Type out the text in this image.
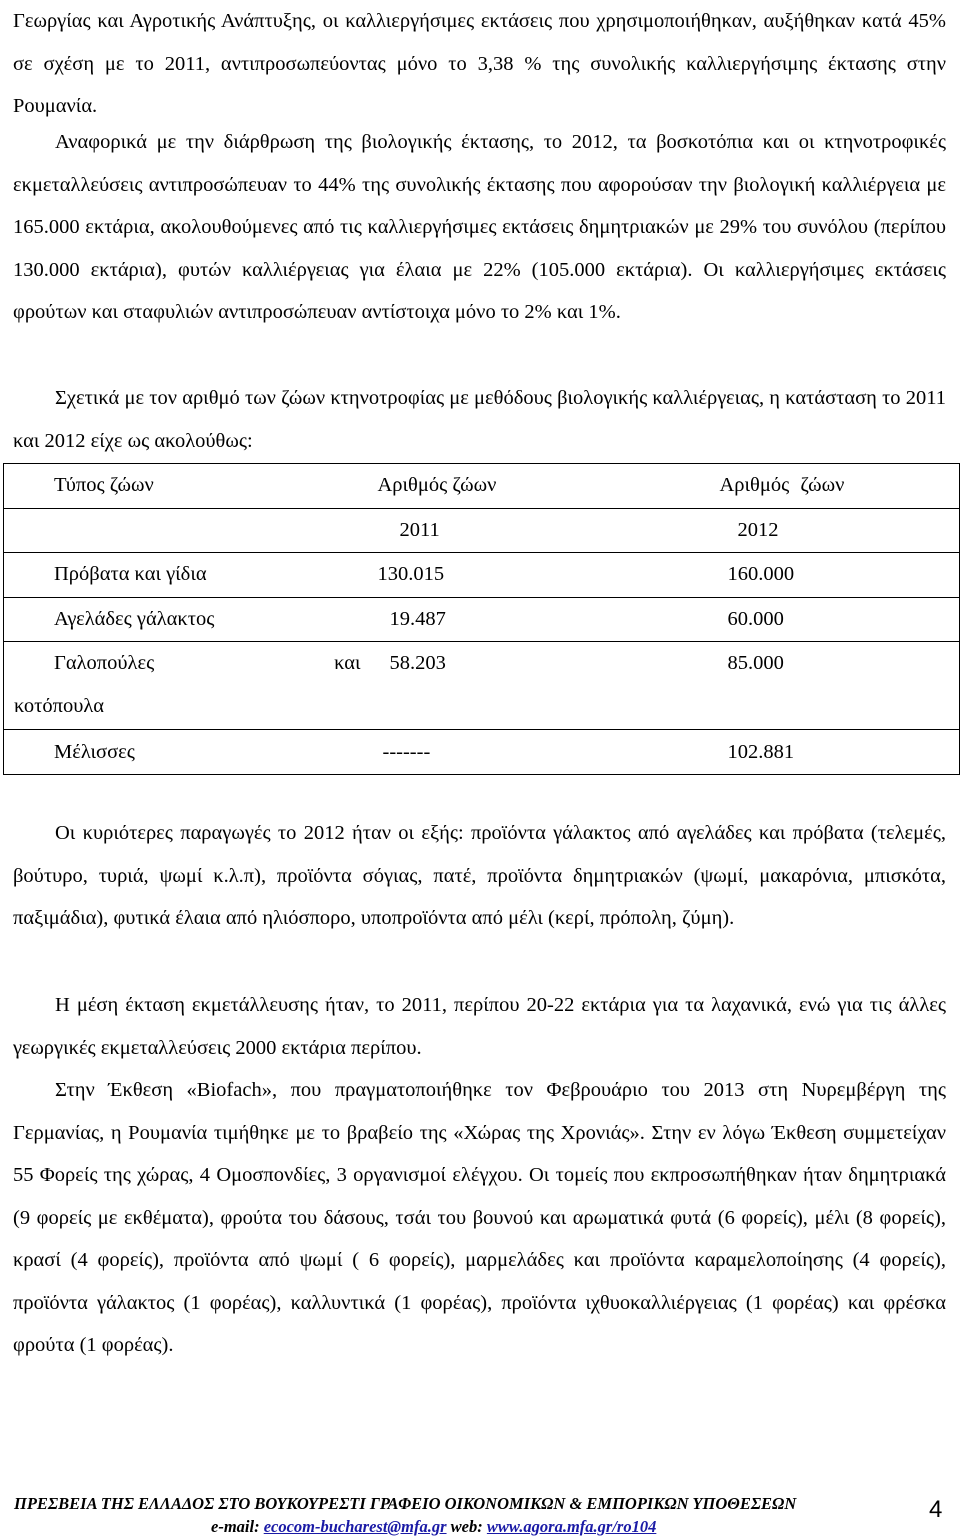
Γεωργίας και Αγροτικής Ανάπτυξης, οι καλλιεργήσιμες εκτάσεις που χρησιμοποιήθηκαν, αυξήθηκαν κατά 45% σε σχέση με το 2011, αντιπροσωπεύοντας μόνο το 3,38 % της συνολικής καλλιεργήσιμης έκτασης στην Ρουμανία.

Αναφορικά με την διάρθρωση της βιολογικής έκτασης, το 2012, τα βοσκοτόπια και οι κτηνοτροφικές εκμεταλλεύσεις αντιπροσώπευαν το 44% της συνολικής έκτασης που αφορούσαν την βιολογική καλλιέργεια με 165.000 εκτάρια, ακολουθούμενες από τις καλλιεργήσιμες εκτάσεις δημητριακών με 29% του συνόλου (περίπου 130.000 εκτάρια), φυτών καλλιέργειας για έλαια με 22% (105.000 εκτάρια). Οι καλλιεργήσιμες εκτάσεις φρούτων και σταφυλιών αντιπροσώπευαν αντίστοιχα μόνο το 2% και 1%.

Σχετικά με τον αριθμό των ζώων κτηνοτροφίας με μεθόδους βιολογικής καλλιέργειας, η κατάσταση το 2011 και 2012 είχε ως ακολούθως:

Τύπος ζώων	Αριθμός ζώων	Αριθμός ζώων
	2011	2012
Πρόβατα και γίδια	130.015	160.000
Αγελάδες γάλακτος	19.487	60.000

Γαλοπούλες και
κοτόπουλα	58.203	85.000
Μέλισσες	-------	102.881

Οι κυριότερες παραγωγές το 2012 ήταν οι εξής: προϊόντα γάλακτος από αγελάδες και πρόβατα (τελεμές, βούτυρο, τυριά, ψωμί κ.λ.π), προϊόντα σόγιας, πατέ, προϊόντα δημητριακών (ψωμί, μακαρόνια, μπισκότα, παξιμάδια), φυτικά έλαια από ηλιόσπορο, υποπροϊόντα από μέλι (κερί, πρόπολη, ζύμη).

Η μέση έκταση εκμετάλλευσης ήταν, το 2011, περίπου 20-22 εκτάρια για τα λαχανικά, ενώ για τις άλλες γεωργικές εκμεταλλεύσεις 2000 εκτάρια περίπου.

Στην Έκθεση «Biofach», που πραγματοποιήθηκε τον Φεβρουάριο του 2013 στη Νυρεμβέργη της Γερμανίας, η Ρουμανία τιμήθηκε με το βραβείο της «Χώρας της Χρονιάς». Στην εν λόγω Έκθεση συμμετείχαν 55 Φορείς της χώρας, 4 Ομοσπονδίες, 3 οργανισμοί ελέγχου. Οι τομείς που εκπροσωπήθηκαν ήταν δημητριακά (9 φορείς με εκθέματα), φρούτα του δάσους, τσάι του βουνού και αρωματικά φυτά (6 φορείς), μέλι (8 φορείς), κρασί (4 φορείς), προϊόντα από ψωμί ( 6 φορείς), μαρμελάδες και προϊόντα καραμελοποίησης (4 φορείς), προϊόντα γάλακτος (1 φορέας), καλλυντικά (1 φορέας), προϊόντα ιχθυοκαλλιέργειας (1 φορέας) και φρέσκα φρούτα (1 φορέας).

ΠΡΕΣΒΕΙΑ ΤΗΣ ΕΛΛΑΔΟΣ ΣΤΟ ΒΟΥΚΟΥΡΕΣΤΙ ΓΡΑΦΕΙΟ ΟΙΚΟΝΟΜΙΚΩΝ & ΕΜΠΟΡΙΚΩΝ ΥΠΟΘΕΣΕΩΝ
e-mail: ecocom-bucharest@mfa.gr web: www.agora.mfa.gr/ro104
4
